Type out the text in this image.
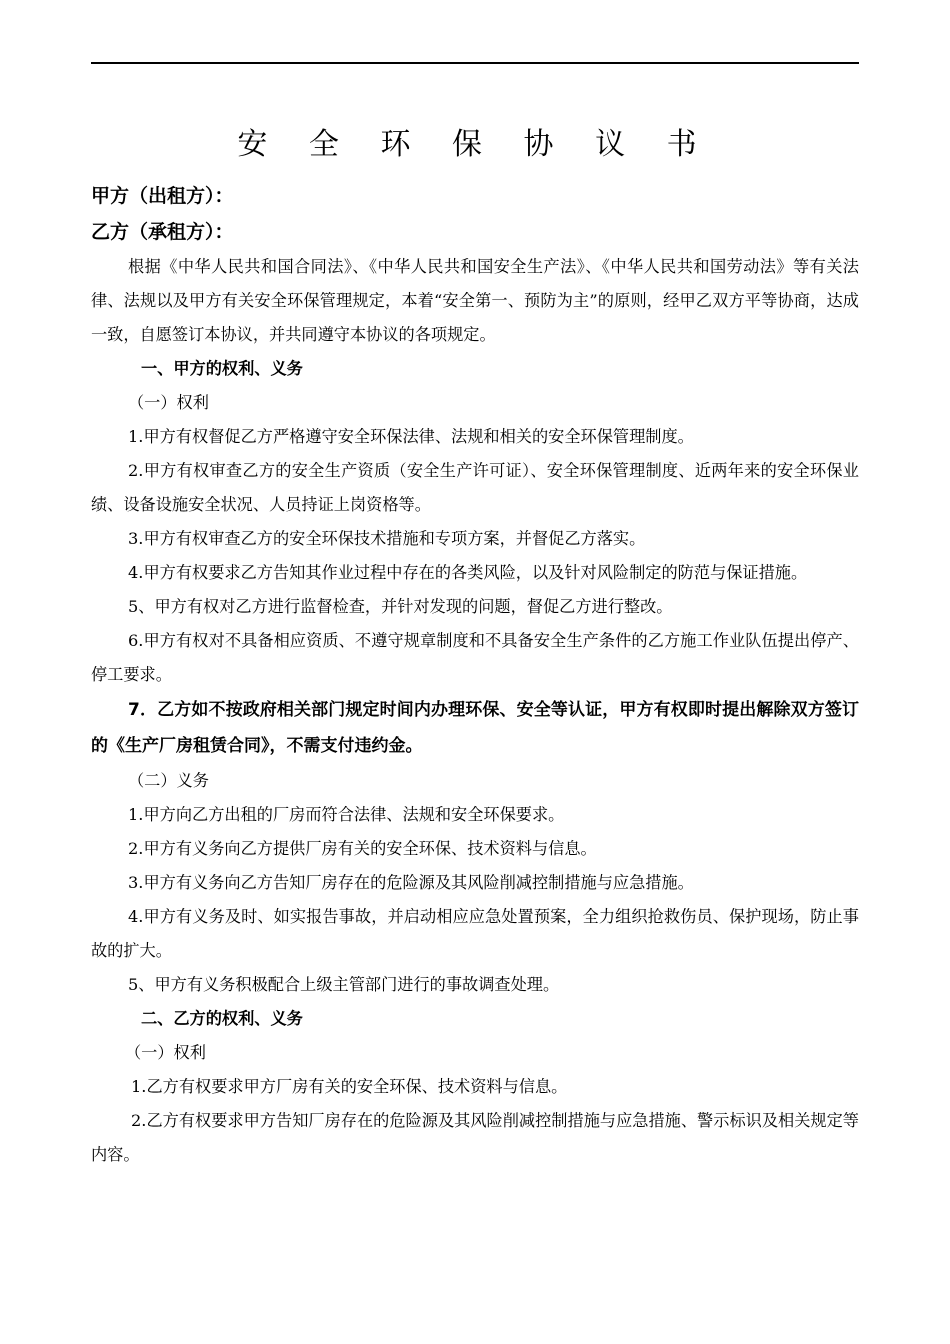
安 全 环 保 协 议 书
甲方（出租方）：
乙方（承租方）：

根据《中华人民共和国合同法》、《中华人民共和国安全生产法》、《中华人民共和国劳动法》等有关法律、法规以及甲方有关安全环保管理规定，本着“安全第一、预防为主”的原则，经甲乙双方平等协商，达成一致，自愿签订本协议，并共同遵守本协议的各项规定。

一、甲方的权利、义务

（一）权利

1.甲方有权督促乙方严格遵守安全环保法律、法规和相关的安全环保管理制度。

2.甲方有权审查乙方的安全生产资质（安全生产许可证）、安全环保管理制度、近两年来的安全环保业绩、设备设施安全状况、人员持证上岗资格等。

3.甲方有权审查乙方的安全环保技术措施和专项方案，并督促乙方落实。

4.甲方有权要求乙方告知其作业过程中存在的各类风险，以及针对风险制定的防范与保证措施。

5、甲方有权对乙方进行监督检查，并针对发现的问题，督促乙方进行整改。

6.甲方有权对不具备相应资质、不遵守规章制度和不具备安全生产条件的乙方施工作业队伍提出停产、停工要求。

7．乙方如不按政府相关部门规定时间内办理环保、安全等认证，甲方有权即时提出解除双方签订的《生产厂房租赁合同》，不需支付违约金。

（二）义务

1.甲方向乙方出租的厂房而符合法律、法规和安全环保要求。

2.甲方有义务向乙方提供厂房有关的安全环保、技术资料与信息。

3.甲方有义务向乙方告知厂房存在的危险源及其风险削减控制措施与应急措施。

4.甲方有义务及时、如实报告事故，并启动相应应急处置预案，全力组织抢救伤员、保护现场，防止事故的扩大。

5、甲方有义务积极配合上级主管部门进行的事故调查处理。

二、乙方的权利、义务

（一）权利

1.乙方有权要求甲方厂房有关的安全环保、技术资料与信息。

2.乙方有权要求甲方告知厂房存在的危险源及其风险削减控制措施与应急措施、警示标识及相关规定等内容。
